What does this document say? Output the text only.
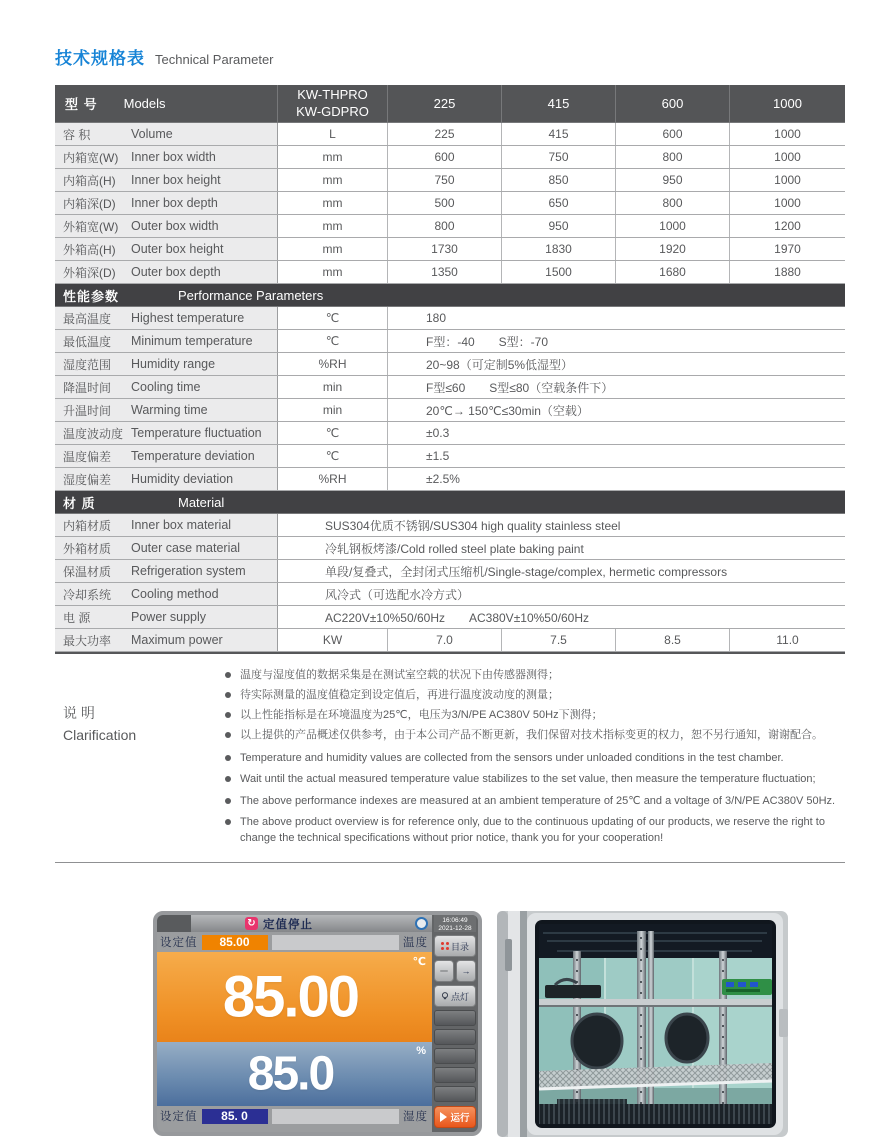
技术规格表 Technical Parameter
型 号 Models
KW-THPRO
KW-GDPRO	225	415	600	1000
容 积	Volume	L	225	415	600	1000
内箱宽(W)	Inner box width	mm	600	750	800	1000
内箱高(H)	Inner box height	mm	750	850	950	1000
内箱深(D)	Inner box depth	mm	500	650	800	1000
外箱宽(W)	Outer box width	mm	800	950	1000	1200
外箱高(H)	Outer box height	mm	1730	1830	1920	1970
外箱深(D)	Outer box depth	mm	1350	1500	1680	1880
性能参数	Performance Parameters
最高温度	Highest temperature	℃	180
最低温度	Minimum temperature	℃	F型：-40　　S型：-70
湿度范围	Humidity range	%RH	20~98（可定制5%低湿型）
降温时间	Cooling time	min	F型≤60　　S型≤80（空载条件下）
升温时间	Warming time	min	20℃→ 150℃≤30min（空载）
温度波动度 Temperature fluctuation	℃	±0.3
温度偏差	Temperature deviation	℃	±1.5
湿度偏差	Humidity deviation	%RH	±2.5%
材 质	Material
内箱材质	Inner box material	SUS304优质不锈钢/SUS304 high quality stainless steel
外箱材质	Outer case material	冷轧钢板烤漆/Cold rolled steel plate baking paint
保温材质	Refrigeration system	单段/复叠式，全封闭式压缩机/Single-stage/complex, hermetic compressors
冷却系统	Cooling method	风冷式（可选配水冷方式）
电 源	Power supply	AC220V±10%50/60Hz　　AC380V±10%50/60Hz
最大功率	Maximum power	KW	7.0	7.5	8.5	11.0
说 明
Clarification
温度与湿度值的数据采集是在测试室空载的状况下由传感器测得；
待实际测量的温度值稳定到设定值后，再进行温度波动度的测量；
以上性能指标是在环境温度为25℃，电压为3/N/PE AC380V 50Hz下测得；
以上提供的产品概述仅供参考，由于本公司产品不断更新，我们保留对技术指标变更的权力，恕不另行通知，谢谢配合。
Temperature and humidity values are collected from the sensors under unloaded conditions in the test chamber.
Wait until the actual measured temperature value stabilizes to the set value, then measure the temperature fluctuation;
The above performance indexes are measured at an ambient temperature of 25℃ and a voltage of 3/N/PE AC380V 50Hz.
The above product overview is for reference only, due to the continuous updating of our products, we reserve the right to change the technical specifications without prior notice, thank you for your cooperation!
↻ 定值停止
设定值	85.00	温度
℃
85.00
%
85.0
设定值	85. 0	湿度
16:06:49
2021-12-28
目录
→
点灯
运行
